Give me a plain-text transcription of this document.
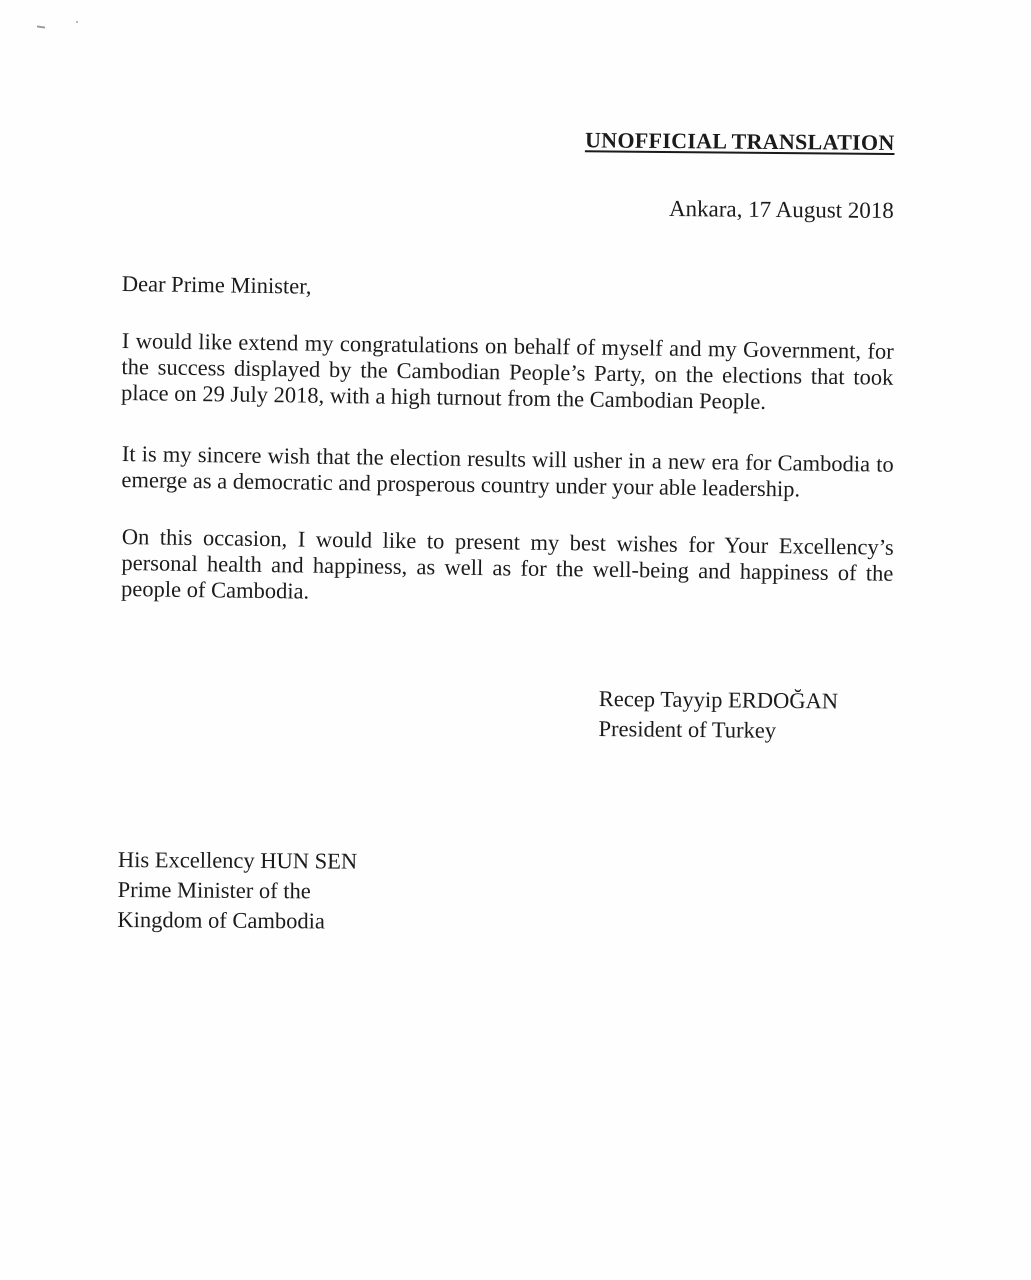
UNOFFICIAL TRANSLATION
Ankara, 17 August 2018
Dear Prime Minister,

I would like extend my congratulations on behalf of myself and my Government, for the success displayed by the Cambodian People’s Party, on the elections that took place on 29 July 2018, with a high turnout from the Cambodian People.

It is my sincere wish that the election results will usher in a new era for Cambodia to emerge as a democratic and prosperous country under your able leadership.

On this occasion, I would like to present my best wishes for Your Excellency’s personal health and happiness, as well as for the well-being and happiness of the people of Cambodia.

Recep Tayyip ERDOĞAN
President of Turkey
His Excellency HUN SEN
Prime Minister of the
Kingdom of Cambodia
